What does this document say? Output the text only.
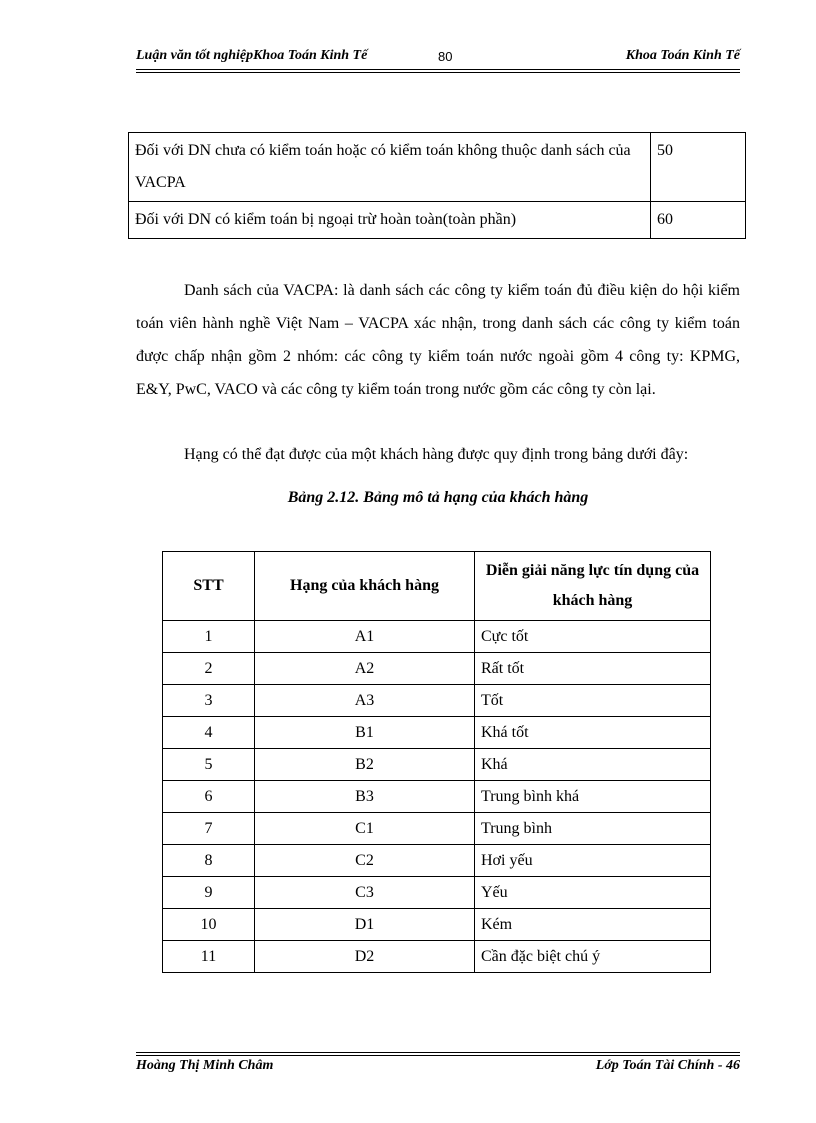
Luận văn tốt nghiệpKhoa Toán Kinh Tế	80	Khoa Toán Kinh Tế
Đối với DN chưa có kiểm toán hoặc có kiểm toán không thuộc danh sách của VACPA	50
Đối với DN có kiểm toán bị ngoại trừ hoàn toàn(toàn phần)	60

Danh sách của VACPA: là danh sách các công ty kiểm toán đủ điều kiện do hội kiểm toán viên hành nghề Việt Nam – VACPA xác nhận, trong danh sách các công ty kiểm toán được chấp nhận gồm 2 nhóm: các công ty kiểm toán nước ngoài gồm 4 công ty: KPMG, E&Y, PwC, VACO và các công ty kiểm toán trong nước gồm các công ty còn lại.

Hạng có thể đạt được của một khách hàng được quy định trong bảng dưới đây:

Bảng 2.12. Bảng mô tả hạng của khách hàng
STT	Hạng của khách hàng	Diễn giải năng lực tín dụng của khách hàng
1	A1	Cực tốt
2	A2	Rất tốt
3	A3	Tốt
4	B1	Khá tốt
5	B2	Khá
6	B3	Trung bình khá
7	C1	Trung bình
8	C2	Hơi yếu
9	C3	Yếu
10	D1	Kém
11	D2	Cần đặc biệt chú ý
Hoàng Thị Minh Châm	Lớp Toán Tài Chính - 46
